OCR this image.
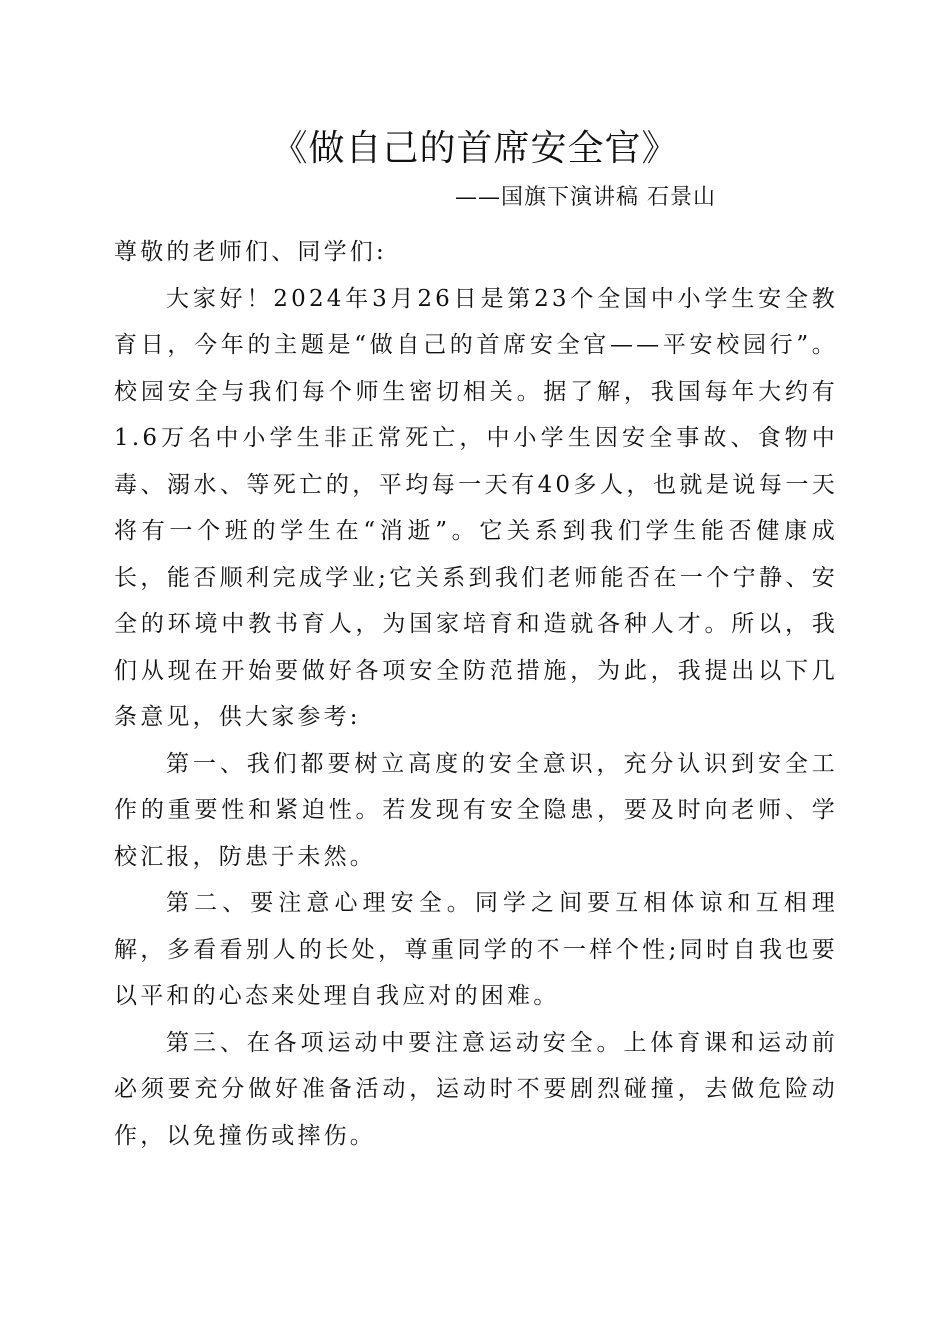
《做自己的首席安全官》
——国旗下演讲稿 石景山

尊敬的老师们、同学们:

大家好！2024年3月26日是第23个全国中小学生安全教育日，今年的主题是“做自己的首席安全官——平安校园行”。校园安全与我们每个师生密切相关。据了解，我国每年大约有1.6万名中小学生非正常死亡，中小学生因安全事故、食物中毒、溺水、等死亡的，平均每一天有40多人，也就是说每一天将有一个班的学生在“消逝”。它关系到我们学生能否健康成长，能否顺利完成学业;它关系到我们老师能否在一个宁静、安全的环境中教书育人，为国家培育和造就各种人才。所以，我们从现在开始要做好各项安全防范措施，为此，我提出以下几条意见，供大家参考:

第一、我们都要树立高度的安全意识，充分认识到安全工作的重要性和紧迫性。若发现有安全隐患，要及时向老师、学校汇报，防患于未然。

第二、要注意心理安全。同学之间要互相体谅和互相理解，多看看别人的长处，尊重同学的不一样个性;同时自我也要以平和的心态来处理自我应对的困难。

第三、在各项运动中要注意运动安全。上体育课和运动前必须要充分做好准备活动，运动时不要剧烈碰撞，去做危险动作，以免撞伤或摔伤。
